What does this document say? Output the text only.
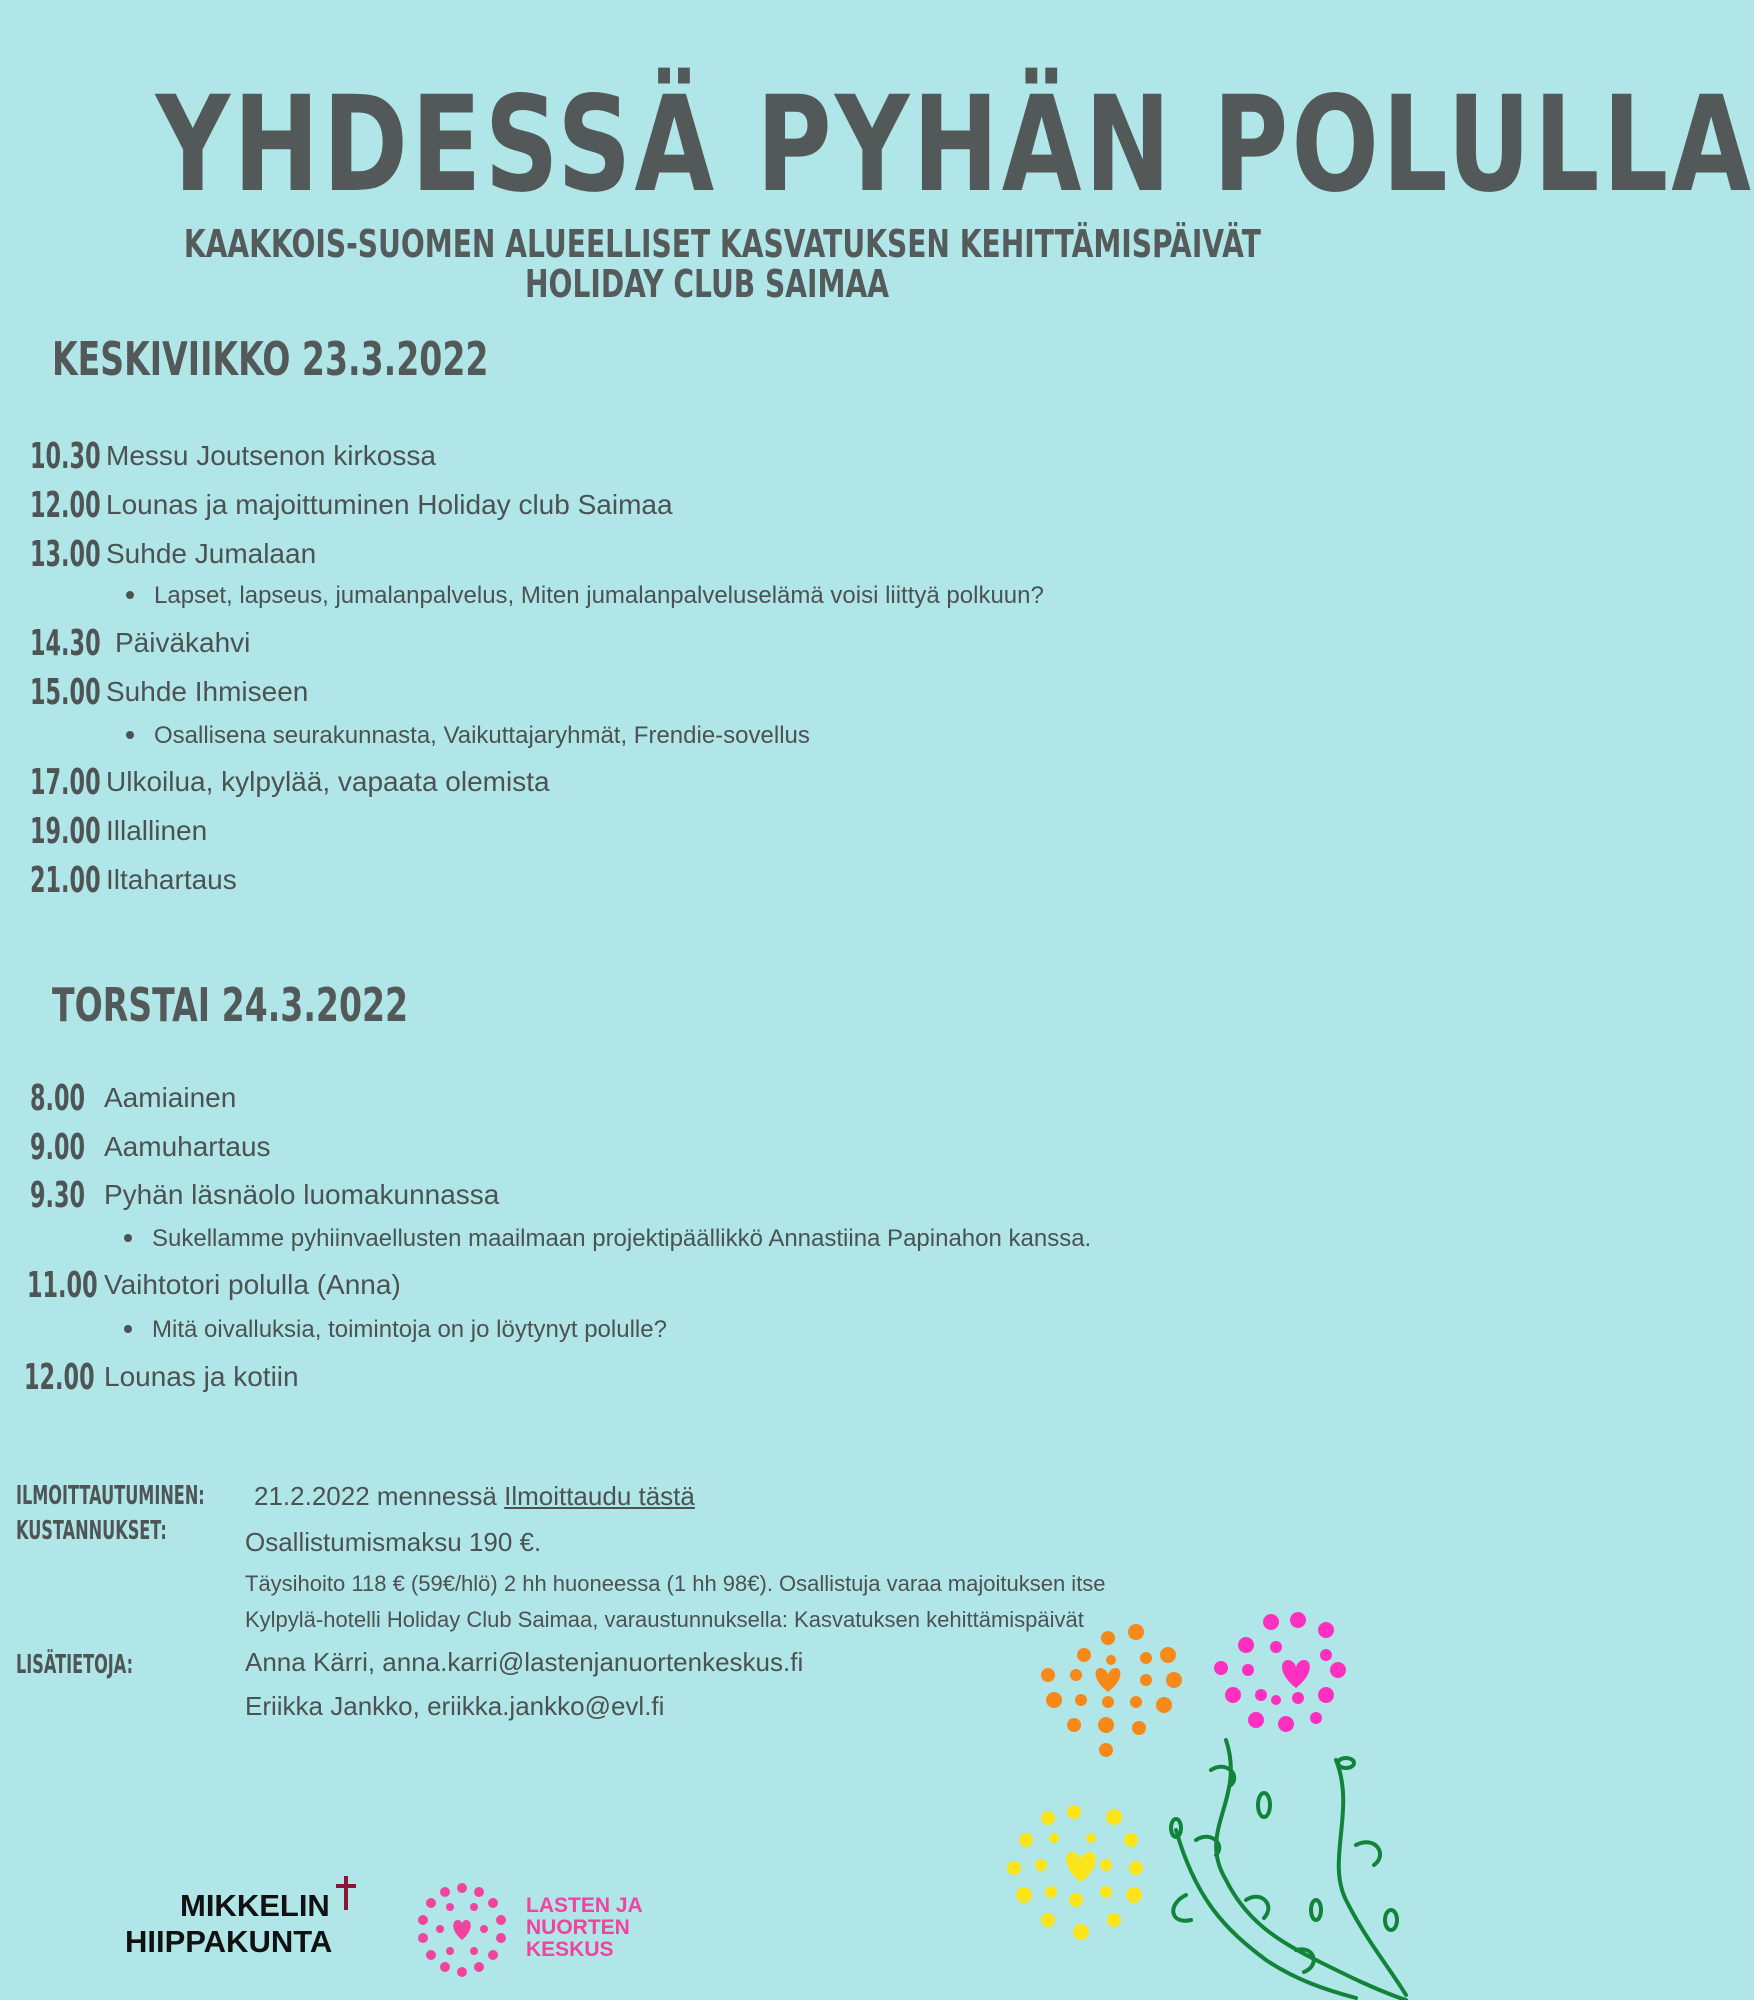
YHDESSÄ PYHÄN POLULLA
KAAKKOIS-SUOMEN ALUEELLISET KASVATUKSEN KEHITTÄMISPÄIVÄT
HOLIDAY CLUB SAIMAA
KESKIVIIKKO 23.3.2022
10.30 Messu Joutsenon kirkossa
12.00 Lounas ja majoittuminen Holiday club Saimaa
13.00 Suhde Jumalaan
Lapset, lapseus, jumalanpalvelus, Miten jumalanpalveluselämä voisi liittyä polkuun?
14.30 Päiväkahvi
15.00 Suhde Ihmiseen
Osallisena seurakunnasta, Vaikuttajaryhmät, Frendie-sovellus
17.00 Ulkoilua, kylpylää, vapaata olemista
19.00 Illallinen
21.00 Iltahartaus
TORSTAI 24.3.2022
8.00 Aamiainen
9.00 Aamuhartaus
9.30 Pyhän läsnäolo luomakunnassa
Sukellamme pyhiinvaellusten maailmaan projektipäällikkö Annastiina Papinahon kanssa.
11.00 Vaihtotori polulla (Anna)
Mitä oivalluksia, toimintoja on jo löytynyt polulle?
12.00 Lounas ja kotiin
ILMOITTAUTUMINEN: 21.2.2022 mennessä Ilmoittaudu tästä
KUSTANNUKSET:	Osallistumismaksu 190 €.
Täysihoito 118 € (59€/hlö) 2 hh huoneessa (1 hh 98€). Osallistuja varaa majoituksen itse
Kylpylä-hotelli Holiday Club Saimaa, varaustunnuksella: Kasvatuksen kehittämispäivät
LISÄTIETOJA:	Anna Kärri, anna.karri@lastenjanuortenkeskus.fi
Eriikka Jankko, eriikka.jankko@evl.fi
MIKKELIN
HIIPPAKUNTA
LASTEN JA
NUORTEN
KESKUS
